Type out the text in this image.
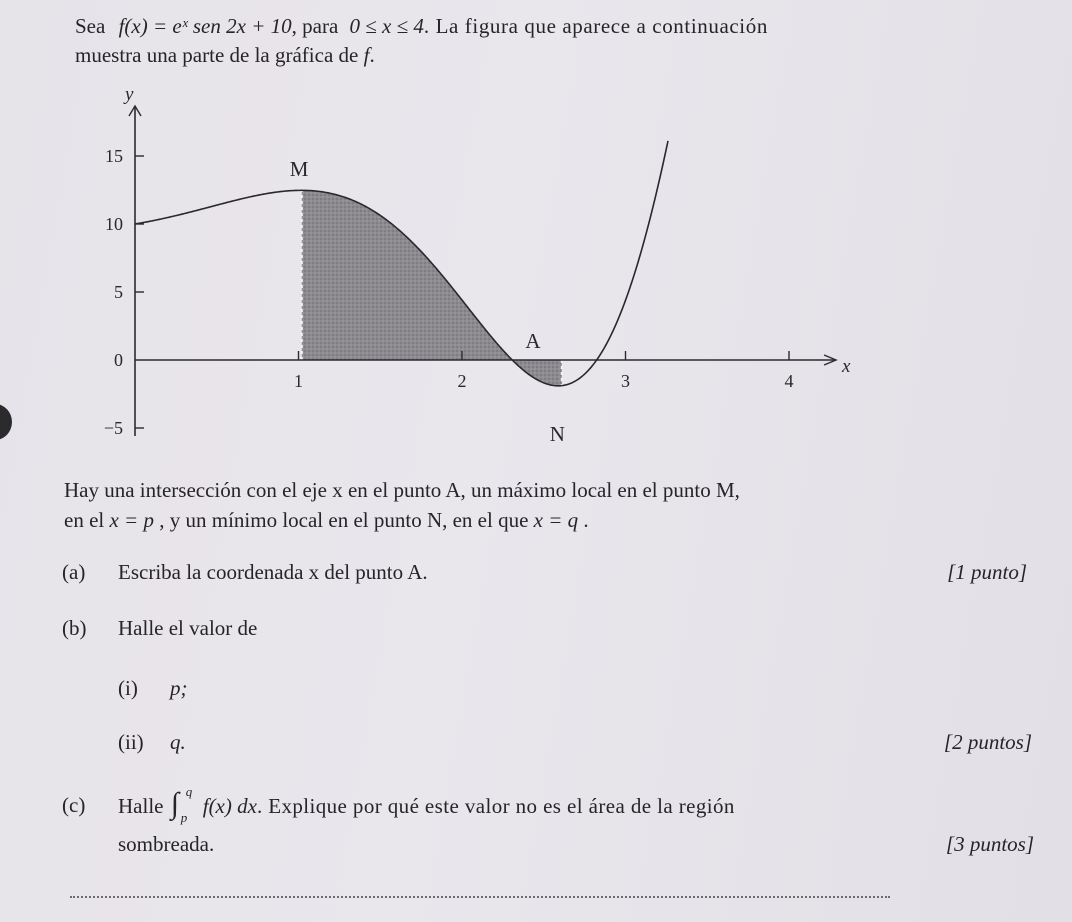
Sea f(x) = eˣ sen 2x + 10, para 0 ≤ x ≤ 4. La figura que aparece a continuación
muestra una parte de la gráfica de f.
y
x
15
10
5
0
−5
1	2	3	4
M
A
N
Hay una intersección con el eje x en el punto A, un máximo local en el punto M,
en el x = p , y un mínimo local en el punto N, en el que x = q .
(a) Escriba la coordenada x del punto A.	[1 punto]
(b) Halle el valor de
(i) p;
(ii) q.	[2 puntos]
(c) Halle ∫ q
p f(x) dx. Explique por qué este valor no es el área de la región
sombreada.	[3 puntos]
